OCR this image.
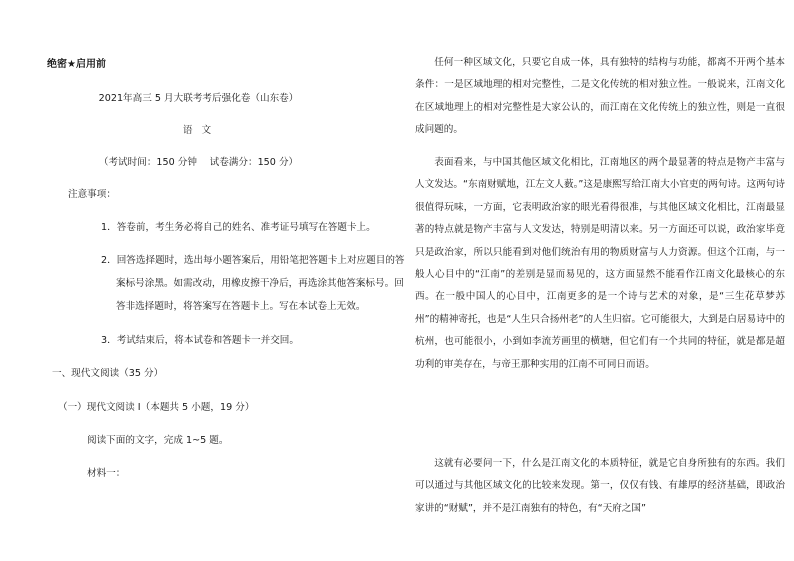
绝密★启用前
2021年高三 5 月大联考考后强化卷（山东卷）
语 文
（考试时间：150 分钟　 试卷满分：150 分）
注意事项：
1．答卷前，考生务必将自己的姓名、准考证号填写在答题卡上。
2．回答选择题时，选出每小题答案后，用铅笔把答题卡上对应题目的答
案标号涂黑。如需改动，用橡皮擦干净后，再选涂其他答案标号。回
答非选择题时，将答案写在答题卡上。写在本试卷上无效。
3．考试结束后，将本试卷和答题卡一并交回。
一、现代文阅读（35 分）
（一）现代文阅读 I（本题共 5 小题，19 分）
阅读下面的文字，完成 1~5 题。
材料一：

任何一种区域文化，只要它自成一体，具有独特的结构与功能，都离不开两个基本条件：一是区域地理的相对完整性，二是文化传统的相对独立性。一般说来，江南文化在区域地理上的相对完整性是大家公认的，而江南在文化传统上的独立性，则是一直很成问题的。

表面看来，与中国其他区域文化相比，江南地区的两个最显著的特点是物产丰富与人文发达。“东南财赋地，江左文人薮。”这是康熙写给江南大小官吏的两句诗。这两句诗很值得玩味，一方面，它表明政治家的眼光看得很准，与其他区域文化相比，江南最显著的特点就是物产丰富与人文发达，特别是明清以来。另一方面还可以说，政治家毕竟只是政治家，所以只能看到对他们统治有用的物质财富与人力资源。但这个江南，与一般人心目中的“江南”的差别是显而易见的，这方面显然不能看作江南文化最核心的东西。在一般中国人的心目中，江南更多的是一个诗与艺术的对象，是“三生花草梦苏州”的精神寄托，也是“人生只合扬州老”的人生归宿。它可能很大，大到是白居易诗中的杭州，也可能很小，小到如李流芳画里的横塘，但它们有一个共同的特征，就是都是超功利的审美存在，与帝王那种实用的江南不可同日而语。

这就有必要问一下，什么是江南文化的本质特征，就是它自身所独有的东西。我们可以通过与其他区域文化的比较来发现。第一，仅仅有钱、有雄厚的经济基础，即政治家讲的“财赋”，并不是江南独有的特色，有“天府之国”
